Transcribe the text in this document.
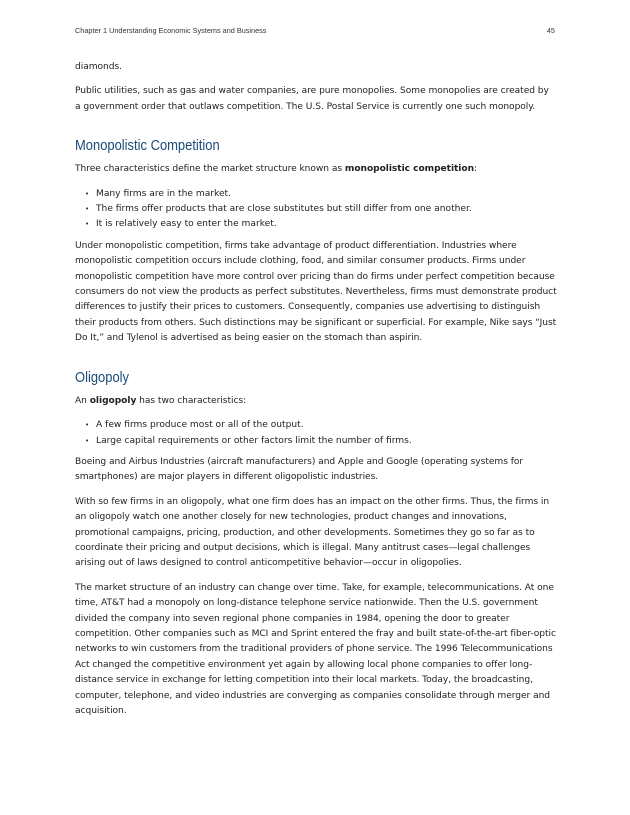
Chapter 1 Understanding Economic Systems and Business	45

diamonds.

Public utilities, such as gas and water companies, are pure monopolies. Some monopolies are created by a government order that outlaws competition. The U.S. Postal Service is currently one such monopoly.

Monopolistic Competition

Three characteristics define the market structure known as monopolistic competition:

• Many firms are in the market.
• The firms offer products that are close substitutes but still differ from one another.
• It is relatively easy to enter the market.

Under monopolistic competition, firms take advantage of product differentiation. Industries where monopolistic competition occurs include clothing, food, and similar consumer products. Firms under monopolistic competition have more control over pricing than do firms under perfect competition because consumers do not view the products as perfect substitutes. Nevertheless, firms must demonstrate product differences to justify their prices to customers. Consequently, companies use advertising to distinguish their products from others. Such distinctions may be significant or superficial. For example, Nike says “Just Do It,” and Tylenol is advertised as being easier on the stomach than aspirin.

Oligopoly

An oligopoly has two characteristics:

• A few firms produce most or all of the output.
• Large capital requirements or other factors limit the number of firms.

Boeing and Airbus Industries (aircraft manufacturers) and Apple and Google (operating systems for smartphones) are major players in different oligopolistic industries.

With so few firms in an oligopoly, what one firm does has an impact on the other firms. Thus, the firms in an oligopoly watch one another closely for new technologies, product changes and innovations, promotional campaigns, pricing, production, and other developments. Sometimes they go so far as to coordinate their pricing and output decisions, which is illegal. Many antitrust cases—legal challenges arising out of laws designed to control anticompetitive behavior—occur in oligopolies.

The market structure of an industry can change over time. Take, for example, telecommunications. At one time, AT&T had a monopoly on long-distance telephone service nationwide. Then the U.S. government divided the company into seven regional phone companies in 1984, opening the door to greater competition. Other companies such as MCI and Sprint entered the fray and built state-of-the-art fiber-optic networks to win customers from the traditional providers of phone service. The 1996 Telecommunications Act changed the competitive environment yet again by allowing local phone companies to offer long-distance service in exchange for letting competition into their local markets. Today, the broadcasting, computer, telephone, and video industries are converging as companies consolidate through merger and acquisition.
